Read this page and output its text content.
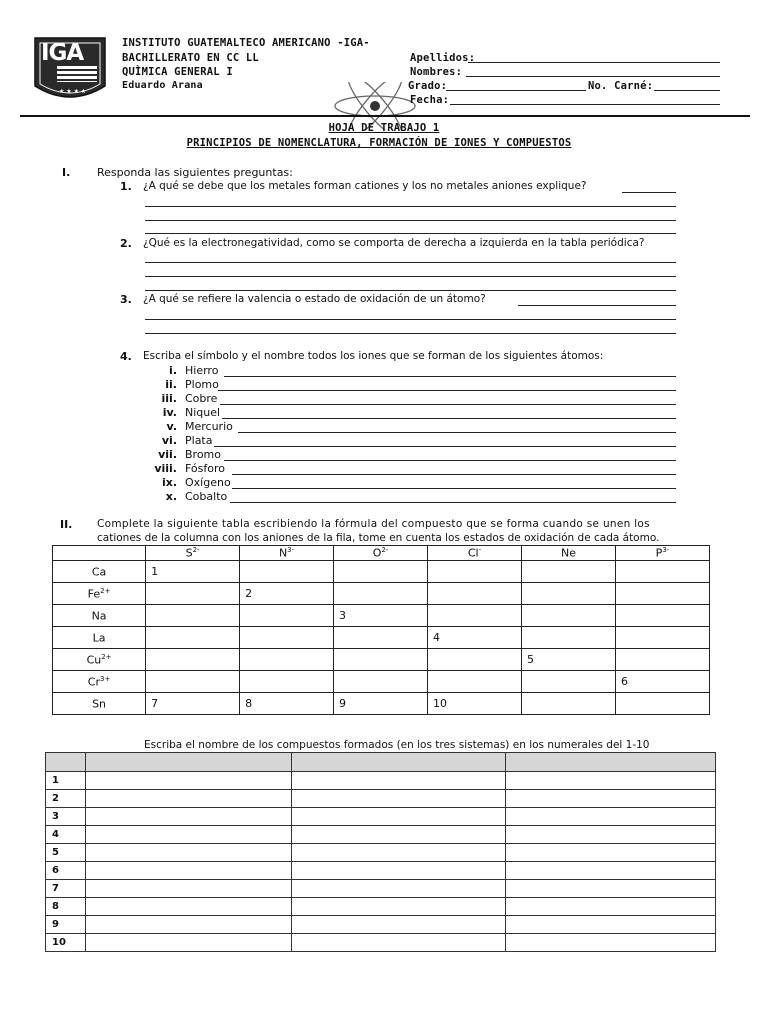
★ ★ ★ ★
IGA	INSTITUTO GUATEMALTECO AMERICANO -IGA-
BACHILLERATO EN CC LL
QUÌMICA GENERAL I
Eduardo Arana
Apellidos:
Nombres:
Grado:	No. Carné:
Fecha:
HOJA DE TRABAJO 1
PRINCIPIOS DE NOMENCLATURA, FORMACIÓN DE IONES Y COMPUESTOS
I. Responda las siguientes preguntas:
1. ¿A qué se debe que los metales forman cationes y los no metales aniones explique?
2. ¿Qué es la electronegatividad, como se comporta de derecha a izquierda en la tabla periódica?
3. ¿A qué se refiere la valencia o estado de oxidación de un átomo?
4. Escriba el símbolo y el nombre todos los iones que se forman de los siguientes átomos:
i. Hierro
ii. Plomo
iii. Cobre
iv. Niquel
v. Mercurio
vi. Plata
vii. Bromo
viii. Fósforo
ix. Oxígeno
x. Cobalto
II. Complete la siguiente tabla escribiendo la fórmula del compuesto que se forma cuando se unen los
cationes de la columna con los aniones de la fila, tome en cuenta los estados de oxidación de cada átomo.
	$S^{2-}$	$N^{3-}$	$O^{2-}$	Cl-	Ne	$P^{3-}$
Ca	1					
$Fe^{2+}$		2				
Na			3			
La				4		
$Cu^{2+}$					5	
$Cr^{3+}$						6
Sn	7	8	9	10		
Escriba el nombre de los compuestos formados (en los tres sistemas) en los numerales del 1-10

1			
2			
3			
4			
5			
6			
7			
8			
9			
10			
